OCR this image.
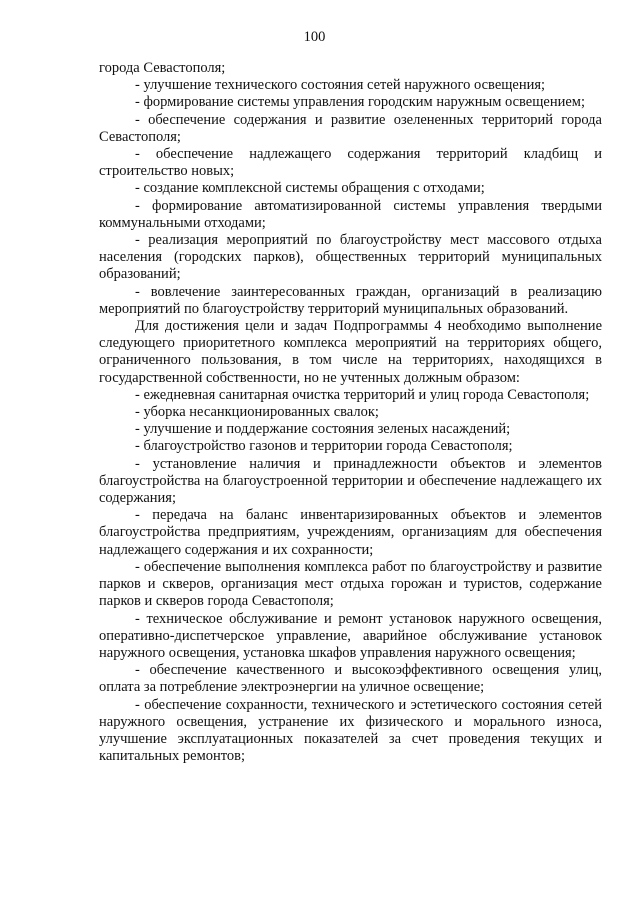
100

города Севастополя;

- улучшение технического состояния сетей наружного освещения;

- формирование системы управления городским наружным освещением;

- обеспечение содержания и развитие озелененных территорий города Севастополя;

- обеспечение надлежащего содержания территорий кладбищ и строительство новых;

- создание комплексной системы обращения с отходами;

- формирование автоматизированной системы управления твердыми коммунальными отходами;

- реализация мероприятий по благоустройству мест массового отдыха населения (городских парков), общественных территорий муниципальных образований;

- вовлечение заинтересованных граждан, организаций в реализацию мероприятий по благоустройству территорий муниципальных образований.

Для достижения цели и задач Подпрограммы 4 необходимо выполнение следующего приоритетного комплекса мероприятий на территориях общего, ограниченного пользования, в том числе на территориях, находящихся в государственной собственности, но не учтенных должным образом:

- ежедневная санитарная очистка территорий и улиц города Севастополя;

- уборка несанкционированных свалок;

- улучшение и поддержание состояния зеленых насаждений;

- благоустройство газонов и территории города Севастополя;

- установление наличия и принадлежности объектов и элементов благоустройства на благоустроенной территории и обеспечение надлежащего их содержания;

- передача на баланс инвентаризированных объектов и элементов благоустройства предприятиям, учреждениям, организациям для обеспечения надлежащего содержания и их сохранности;

- обеспечение выполнения комплекса работ по благоустройству и развитие парков и скверов, организация мест отдыха горожан и туристов, содержание парков и скверов города Севастополя;

- техническое обслуживание и ремонт установок наружного освещения, оперативно-диспетчерское управление, аварийное обслуживание установок наружного освещения, установка шкафов управления наружного освещения;

- обеспечение качественного и высокоэффективного освещения улиц, оплата за потребление электроэнергии на уличное освещение;

- обеспечение сохранности, технического и эстетического состояния сетей наружного освещения, устранение их физического и морального износа, улучшение эксплуатационных показателей за счет проведения текущих и капитальных ремонтов;
